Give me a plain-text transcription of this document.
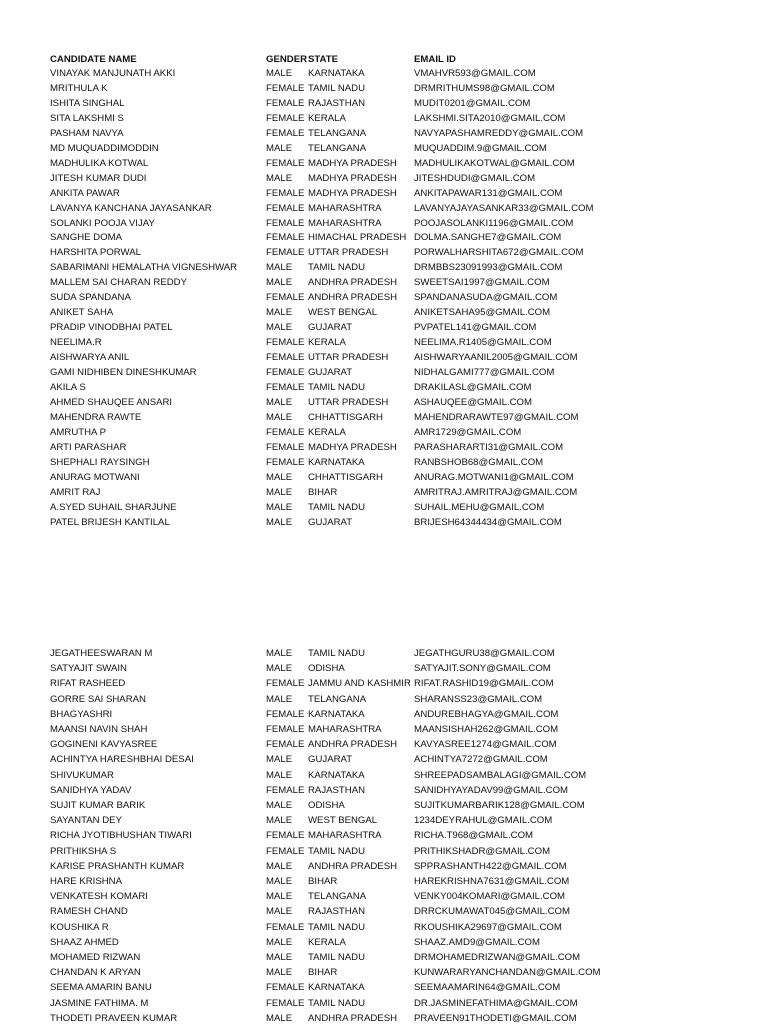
CANDIDATE NAME	GENDER STATE	EMAIL ID
VINAYAK MANJUNATH AKKI	MALE KARNATAKA	VMAHVR593@GMAIL.COM
MRITHULA K	FEMALE TAMIL NADU	DRMRITHUMS98@GMAIL.COM
ISHITA SINGHAL	FEMALE RAJASTHAN	MUDIT0201@GMAIL.COM
SITA LAKSHMI S	FEMALE KERALA	LAKSHMI.SITA2010@GMAIL.COM
PASHAM NAVYA	FEMALE TELANGANA	NAVYAPASHAMREDDY@GMAIL.COM
MD MUQUADDIMODDIN	MALE TELANGANA	MUQUADDIM.9@GMAIL.COM
MADHULIKA KOTWAL	FEMALE MADHYA PRADESH MADHULIKAKOTWAL@GMAIL.COM
JITESH KUMAR DUDI	MALE MADHYA PRADESH JITESHDUDI@GMAIL.COM
ANKITA PAWAR	FEMALE MADHYA PRADESH ANKITAPAWAR131@GMAIL.COM
LAVANYA KANCHANA JAYASANKAR	FEMALE MAHARASHTRA	LAVANYAJAYASANKAR33@GMAIL.COM
SOLANKI POOJA VIJAY	FEMALE MAHARASHTRA	POOJASOLANKI1196@GMAIL.COM
SANGHE DOMA	FEMALE HIMACHAL PRADESH DOLMA.SANGHE7@GMAIL.COM
HARSHITA PORWAL	FEMALE UTTAR PRADESH	PORWALHARSHITA672@GMAIL.COM
SABARIMANI HEMALATHA VIGNESHWAR	MALE TAMIL NADU	DRMBBS23091993@GMAIL.COM
MALLEM SAI CHARAN REDDY	MALE ANDHRA PRADESH SWEETSAI1997@GMAIL.COM
SUDA SPANDANA	FEMALE ANDHRA PRADESH SPANDANASUDA@GMAIL.COM
ANIKET SAHA	MALE WEST BENGAL	ANIKETSAHA95@GMAIL.COM
PRADIP VINODBHAI PATEL	MALE GUJARAT	PVPATEL141@GMAIL.COM
NEELIMA.R	FEMALE KERALA	NEELIMA.R1405@GMAIL.COM
AISHWARYA ANIL	FEMALE UTTAR PRADESH	AISHWARYAANIL2005@GMAIL.COM
GAMI NIDHIBEN DINESHKUMAR	FEMALE GUJARAT	NIDHALGAMI777@GMAIL.COM
AKILA S	FEMALE TAMIL NADU	DRAKILASL@GMAIL.COM
AHMED SHAUQEE ANSARI	MALE UTTAR PRADESH	ASHAUQEE@GMAIL.COM
MAHENDRA RAWTE	MALE CHHATTISGARH	MAHENDRARAWTE97@GMAIL.COM
AMRUTHA P	FEMALE KERALA	AMR1729@GMAIL.COM
ARTI PARASHAR	FEMALE MADHYA PRADESH PARASHARARTI31@GMAIL.COM
SHEPHALI RAYSINGH	FEMALE KARNATAKA	RANBSHOB68@GMAIL.COM
ANURAG MOTWANI	MALE CHHATTISGARH	ANURAG.MOTWANI1@GMAIL.COM
AMRIT RAJ	MALE BIHAR	AMRITRAJ.AMRITRAJ@GMAIL.COM
A.SYED SUHAIL SHARJUNE	MALE TAMIL NADU	SUHAIL.MEHU@GMAIL.COM
PATEL BRIJESH KANTILAL	MALE GUJARAT	BRIJESH64344434@GMAIL.COM
JEGATHEESWARAN M	MALE TAMIL NADU	JEGATHGURU38@GMAIL.COM
SATYAJIT SWAIN	MALE ODISHA	SATYAJIT.SONY@GMAIL.COM
RIFAT RASHEED	FEMALE JAMMU AND KASHMIR RIFAT.RASHID19@GMAIL.COM
GORRE SAI SHARAN	MALE TELANGANA	SHARANSS23@GMAIL.COM
BHAGYASHRI	FEMALE KARNATAKA	ANDUREBHAGYA@GMAIL.COM
MAANSI NAVIN SHAH	FEMALE MAHARASHTRA	MAANSISHAH262@GMAIL.COM
GOGINENI KAVYASREE	FEMALE ANDHRA PRADESH KAVYASREE1274@GMAIL.COM
ACHINTYA HARESHBHAI DESAI	MALE GUJARAT	ACHINTYA7272@GMAIL.COM
SHIVUKUMAR	MALE KARNATAKA	SHREEPADSAMBALAGI@GMAIL.COM
SANIDHYA YADAV	FEMALE RAJASTHAN	SANIDHYAYADAV99@GMAIL.COM
SUJIT KUMAR BARIK	MALE ODISHA	SUJITKUMARBARIK128@GMAIL.COM
SAYANTAN DEY	MALE WEST BENGAL	1234DEYRAHUL@GMAIL.COM
RICHA JYOTIBHUSHAN TIWARI	FEMALE MAHARASHTRA	RICHA.T968@GMAIL.COM
PRITHIKSHA S	FEMALE TAMIL NADU	PRITHIKSHADR@GMAIL.COM
KARISE PRASHANTH KUMAR	MALE ANDHRA PRADESH SPPRASHANTH422@GMAIL.COM
HARE KRISHNA	MALE BIHAR	HAREKRISHNA7631@GMAIL.COM
VENKATESH KOMARI	MALE TELANGANA	VENKY004KOMARI@GMAIL.COM
RAMESH CHAND	MALE RAJASTHAN	DRRCKUMAWAT045@GMAIL.COM
KOUSHIKA R	FEMALE TAMIL NADU	RKOUSHIKA29697@GMAIL.COM
SHAAZ AHMED	MALE KERALA	SHAAZ.AMD9@GMAIL.COM
MOHAMED RIZWAN	MALE TAMIL NADU	DRMOHAMEDRIZWAN@GMAIL.COM
CHANDAN K ARYAN	MALE BIHAR	KUNWARARYANCHANDAN@GMAIL.COM
SEEMA AMARIN BANU	FEMALE KARNATAKA	SEEMAAMARIN64@GMAIL.COM
JASMINE FATHIMA. M	FEMALE TAMIL NADU	DR.JASMINEFATHIMA@GMAIL.COM
THODETI PRAVEEN KUMAR	MALE ANDHRA PRADESH PRAVEEN91THODETI@GMAIL.COM
